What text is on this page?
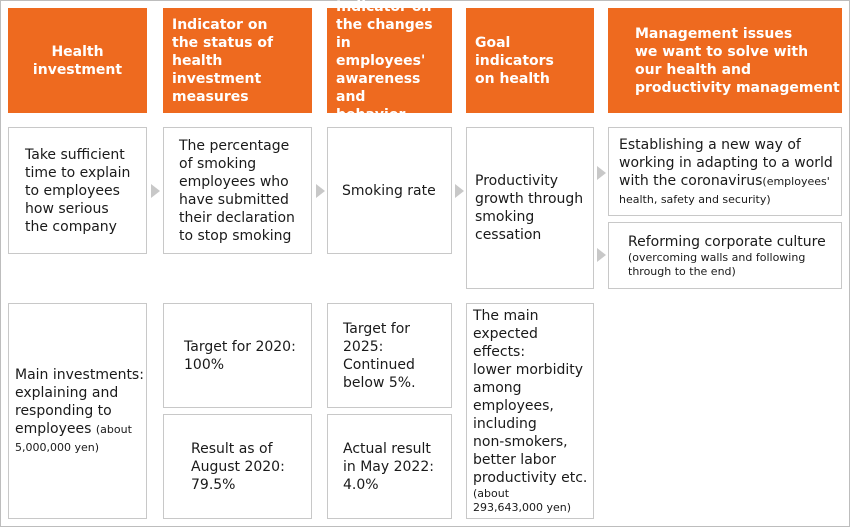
Health
investment
Indicator on
the status of
health investment
measures
Indicator on
the changes in
employees'
awareness and
behavior
Goal indicators
on health
Management issues
we want to solve with
our health and
productivity management
Take sufficient
time to explain
to employees
how serious
the company
The percentage
of smoking
employees who
have submitted
their declaration
to stop smoking
Smoking rate
Productivity
growth through
smoking
cessation
Establishing a new way of
working in adapting to a world
with the coronavirus(employees'
health, safety and security)
Reforming corporate culture
(overcoming walls and following
through to the end)
Main investments:
explaining and
responding to
employees (about
5,000,000 yen)
Target for 2020:
100%
Result as of
August 2020:
79.5%
Target for
2025:
Continued
below 5%.
Actual result
in May 2022:
4.0%
The main
expected effects:
lower morbidity
among
employees,
including
non-smokers,
better labor
productivity etc.
(about
293,643,000 yen)
